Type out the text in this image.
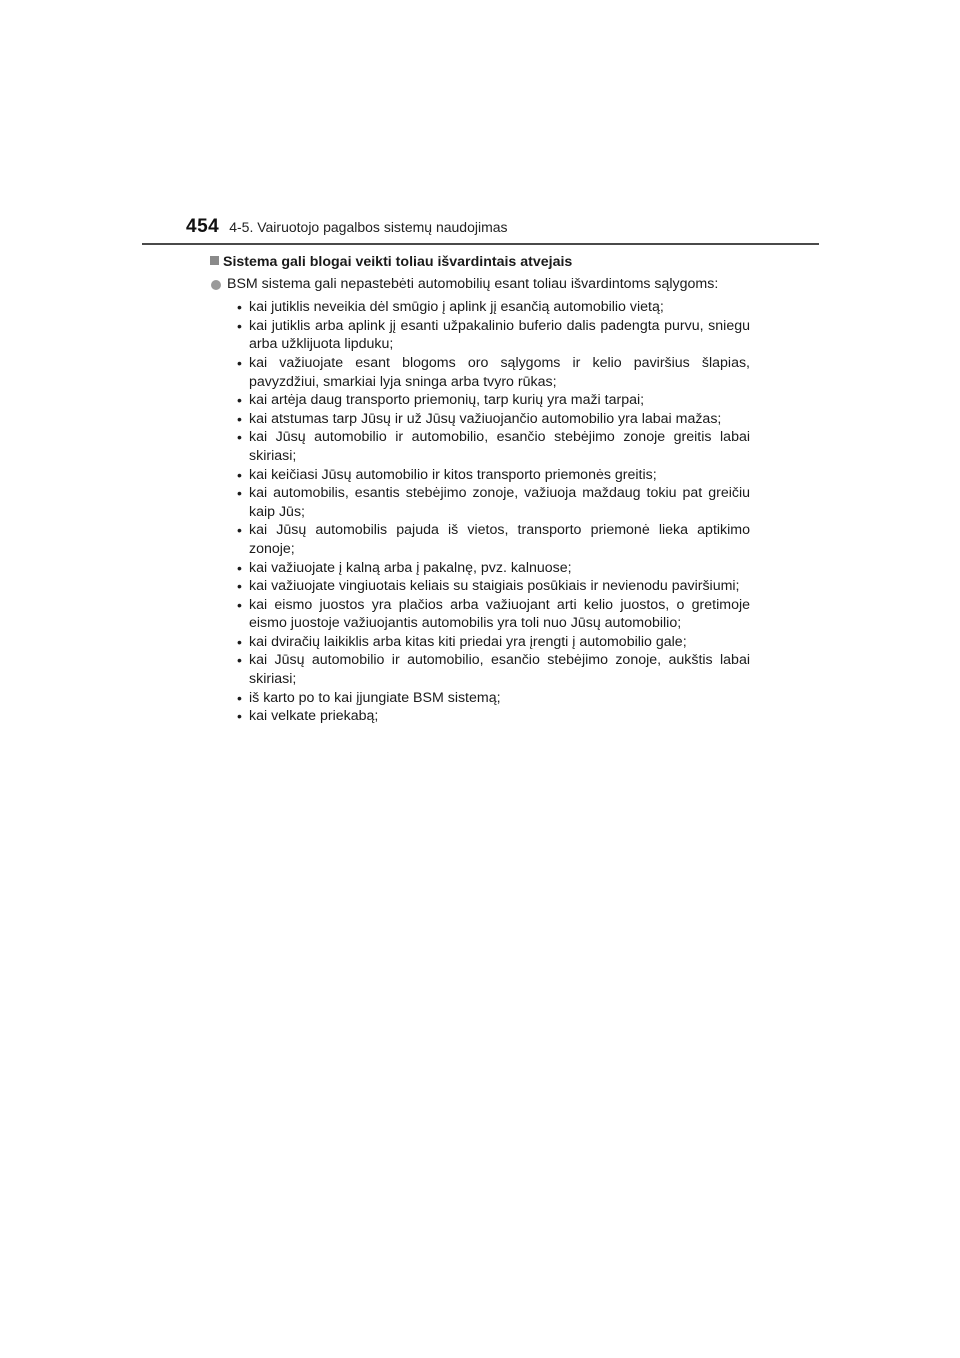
454 4-5. Vairuotojo pagalbos sistemų naudojimas
Sistema gali blogai veikti toliau išvardintais atvejais
BSM sistema gali nepastebėti automobilių esant toliau išvardintoms sąlygoms:
• kai jutiklis neveikia dėl smūgio į aplink jį esančią automobilio vietą;
• kai jutiklis arba aplink jį esanti užpakalinio buferio dalis padengta purvu, sniegu arba užklijuota lipduku;
• kai važiuojate esant blogoms oro sąlygoms ir kelio paviršius šlapias, pavyzdžiui, smarkiai lyja sninga arba tvyro rūkas;
• kai artėja daug transporto priemonių, tarp kurių yra maži tarpai;
• kai atstumas tarp Jūsų ir už Jūsų važiuojančio automobilio yra labai mažas;
• kai Jūsų automobilio ir automobilio, esančio stebėjimo zonoje greitis labai skiriasi;
• kai keičiasi Jūsų automobilio ir kitos transporto priemonės greitis;
• kai automobilis, esantis stebėjimo zonoje, važiuoja maždaug tokiu pat greičiu kaip Jūs;
• kai Jūsų automobilis pajuda iš vietos, transporto priemonė lieka aptikimo zonoje;
• kai važiuojate į kalną arba į pakalnę, pvz. kalnuose;
• kai važiuojate vingiuotais keliais su staigiais posūkiais ir nevienodu paviršiumi;
• kai eismo juostos yra plačios arba važiuojant arti kelio juostos, o gretimoje eismo juostoje važiuojantis automobilis yra toli nuo Jūsų automobilio;
• kai dviračių laikiklis arba kitas kiti priedai yra įrengti į automobilio gale;
• kai Jūsų automobilio ir automobilio, esančio stebėjimo zonoje, aukštis labai skiriasi;
• iš karto po to kai įjungiate BSM sistemą;
• kai velkate priekabą;
